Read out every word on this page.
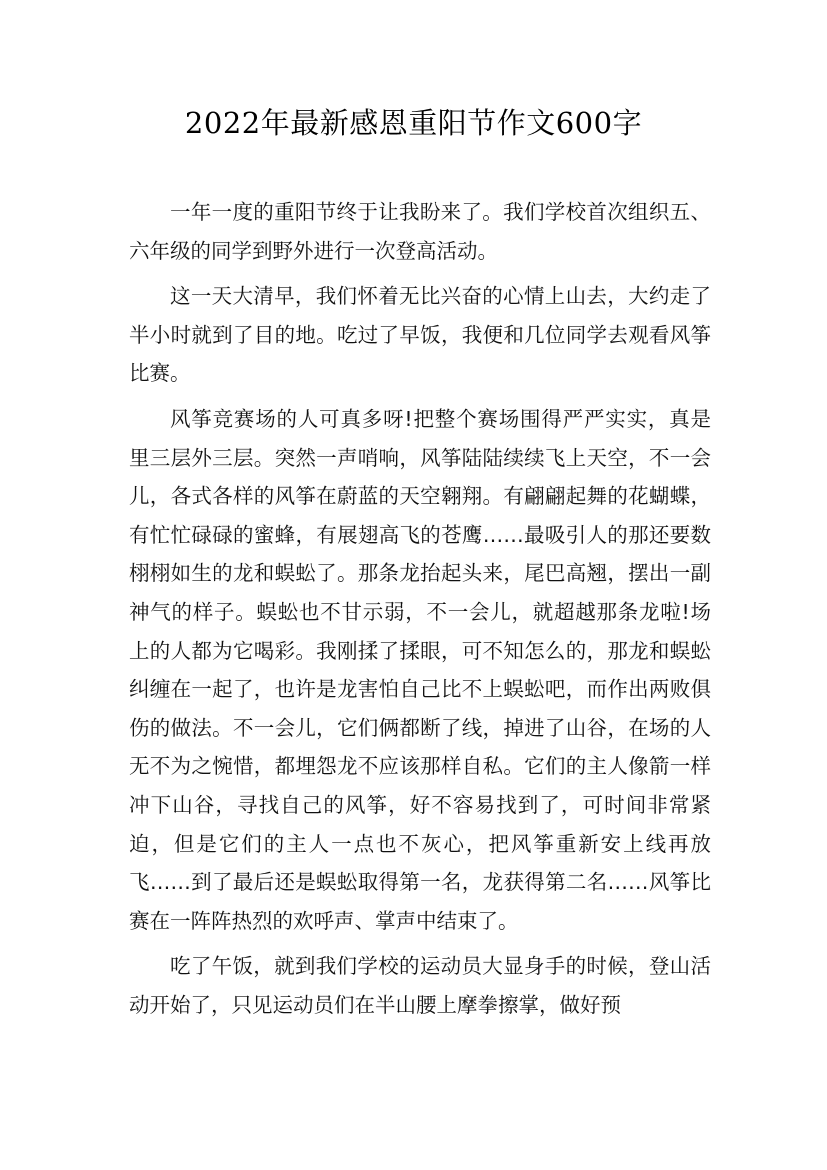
2022年最新感恩重阳节作文600字

一年一度的重阳节终于让我盼来了。我们学校首次组织五、六年级的同学到野外进行一次登高活动。

这一天大清早，我们怀着无比兴奋的心情上山去，大约走了半小时就到了目的地。吃过了早饭，我便和几位同学去观看风筝比赛。

风筝竞赛场的人可真多呀!把整个赛场围得严严实实，真是里三层外三层。突然一声哨响，风筝陆陆续续飞上天空，不一会儿，各式各样的风筝在蔚蓝的天空翱翔。有翩翩起舞的花蝴蝶，有忙忙碌碌的蜜蜂，有展翅高飞的苍鹰……最吸引人的那还要数栩栩如生的龙和蜈蚣了。那条龙抬起头来，尾巴高翘，摆出一副神气的样子。蜈蚣也不甘示弱，不一会儿，就超越那条龙啦!场上的人都为它喝彩。我刚揉了揉眼，可不知怎么的，那龙和蜈蚣纠缠在一起了，也许是龙害怕自己比不上蜈蚣吧，而作出两败俱伤的做法。不一会儿，它们俩都断了线，掉进了山谷，在场的人无不为之惋惜，都埋怨龙不应该那样自私。它们的主人像箭一样冲下山谷，寻找自己的风筝，好不容易找到了，可时间非常紧迫，但是它们的主人一点也不灰心，把风筝重新安上线再放飞……到了最后还是蜈蚣取得第一名，龙获得第二名……风筝比赛在一阵阵热烈的欢呼声、掌声中结束了。

吃了午饭，就到我们学校的运动员大显身手的时候，登山活动开始了，只见运动员们在半山腰上摩拳擦掌，做好预
